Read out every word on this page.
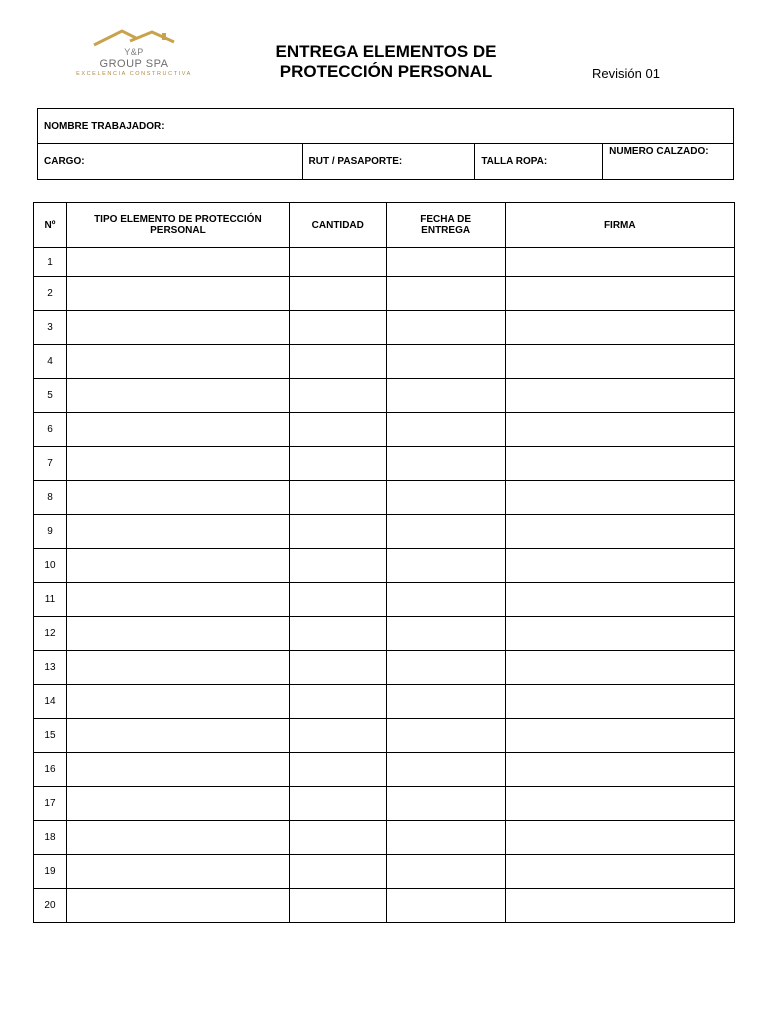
Y&P
GROUP SPA
EXCELENCIA CONSTRUCTIVA
ENTREGA ELEMENTOS DE
PROTECCIÓN PERSONAL	Revisión 01
NOMBRE TRABAJADOR:
CARGO:	RUT / PASAPORTE:	TALLA ROPA:	NUMERO CALZADO:
Nº	TIPO ELEMENTO DE PROTECCIÓN PERSONAL	CANTIDAD	FECHA DE ENTREGA	FIRMA
1				
2				
3				
4				
5				
6				
7				
8				
9				
10				
11				
12				
13				
14				
15				
16				
17				
18				
19				
20				
